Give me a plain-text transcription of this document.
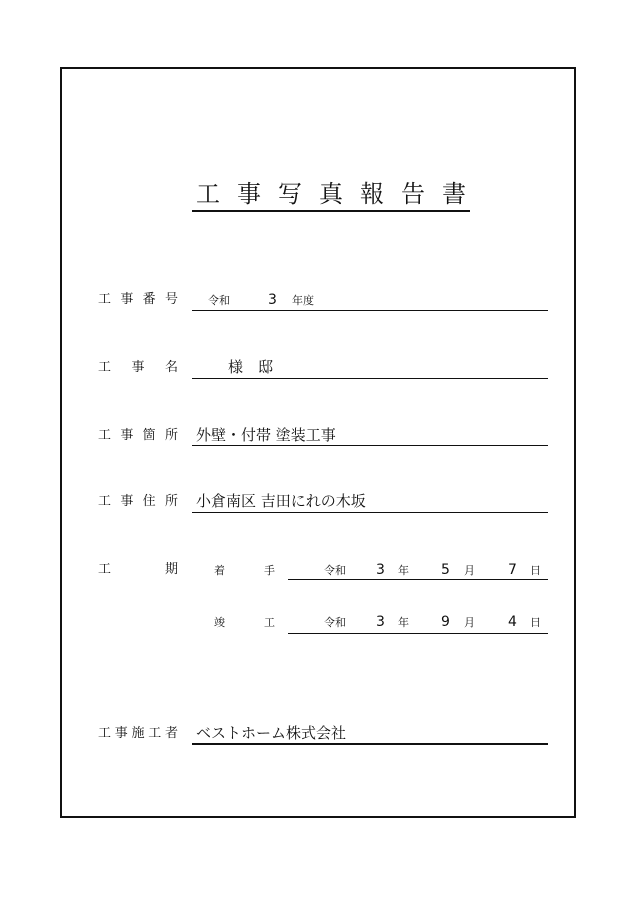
工 事 写 真 報 告 書
工 事 番 号	令和	3 年度
工 事 名	様　邸
工 事 箇 所 外壁・付帯 塗装工事
工 事 住 所 小倉南区 吉田にれの木坂
工	期	着	手	令和 3 年 5 月 7 日
竣	工	令和 3 年 9 月 4 日
工 事 施 工 者 ベストホーム株式会社
